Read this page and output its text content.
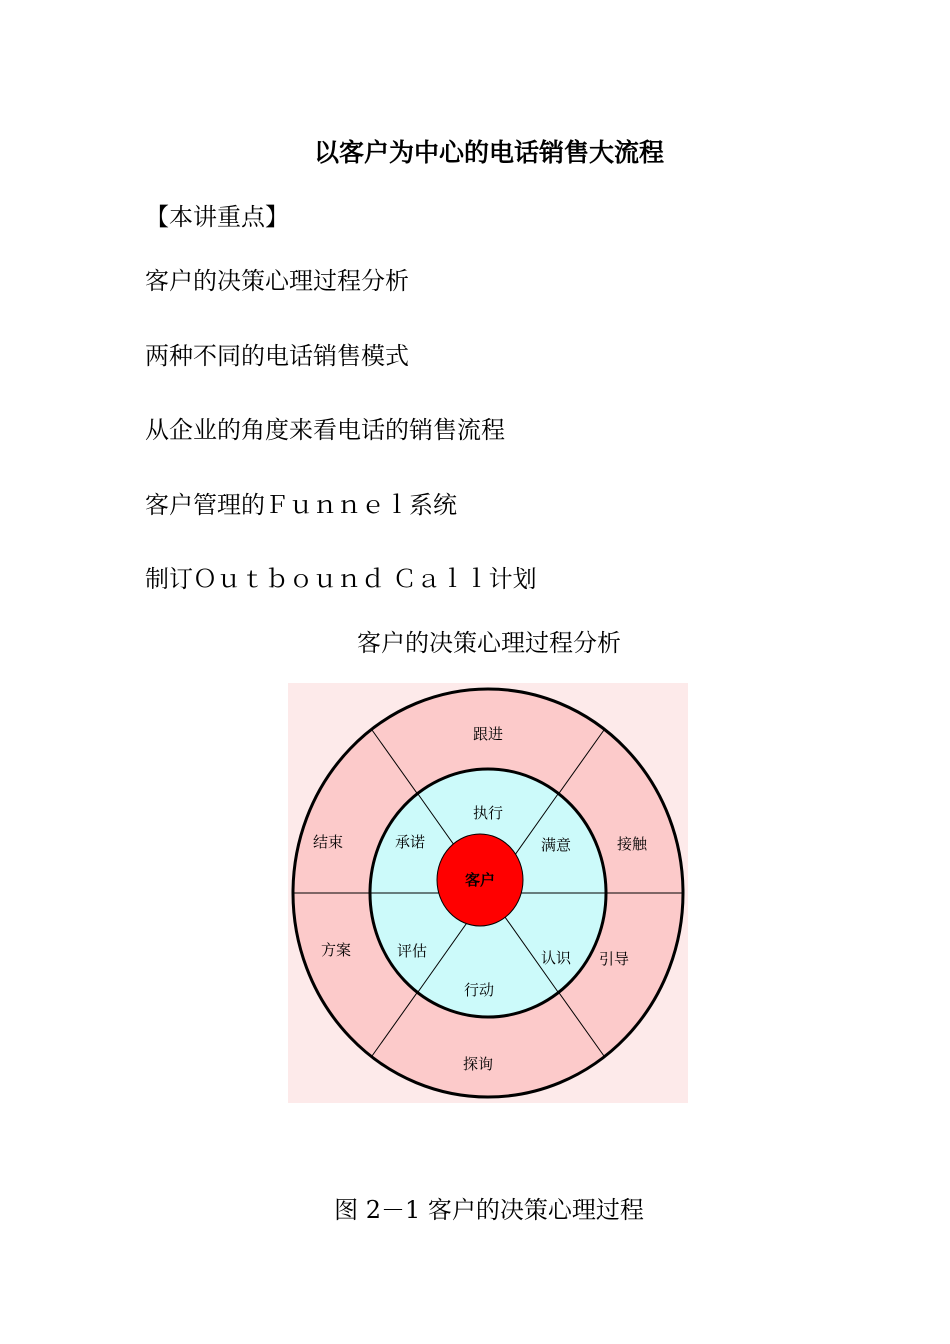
以客户为中心的电话销售大流程
【本讲重点】
客户的决策心理过程分析
两种不同的电话销售模式
从企业的角度来看电话的销售流程
客户管理的Ｆｕｎｎｅｌ系统
制订Ｏｕｔｂｏｕｎｄ Ｃａｌｌ计划
客户的决策心理过程分析
客户
执行
满意
认识
行动
评估
承诺
跟进
接触
引导
探询
方案
结束
图 2－1 客户的决策心理过程
